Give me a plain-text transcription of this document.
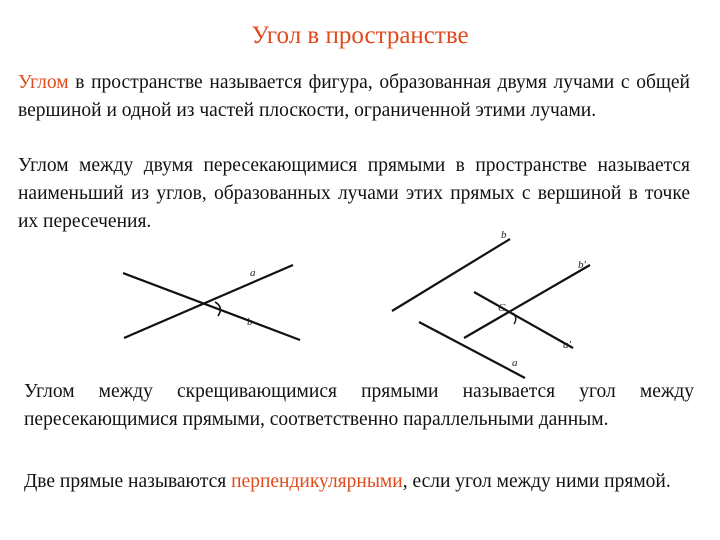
Угол в пространстве

Углом в пространстве называется фигура, образованная двумя лучами с общей вершиной и одной из частей плоскости, ограниченной этими лучами.

Углом между двумя пересекающимися прямыми в пространстве называется наименьший из углов, образованных лучами этих прямых с вершиной в точке их пересечения.

a
b
b
b'
C
a'
a

Углом между скрещивающимися прямыми называется угол между пересекающимися прямыми, соответственно параллельными данным.

Две прямые называются перпендикулярными, если угол между ними прямой.
